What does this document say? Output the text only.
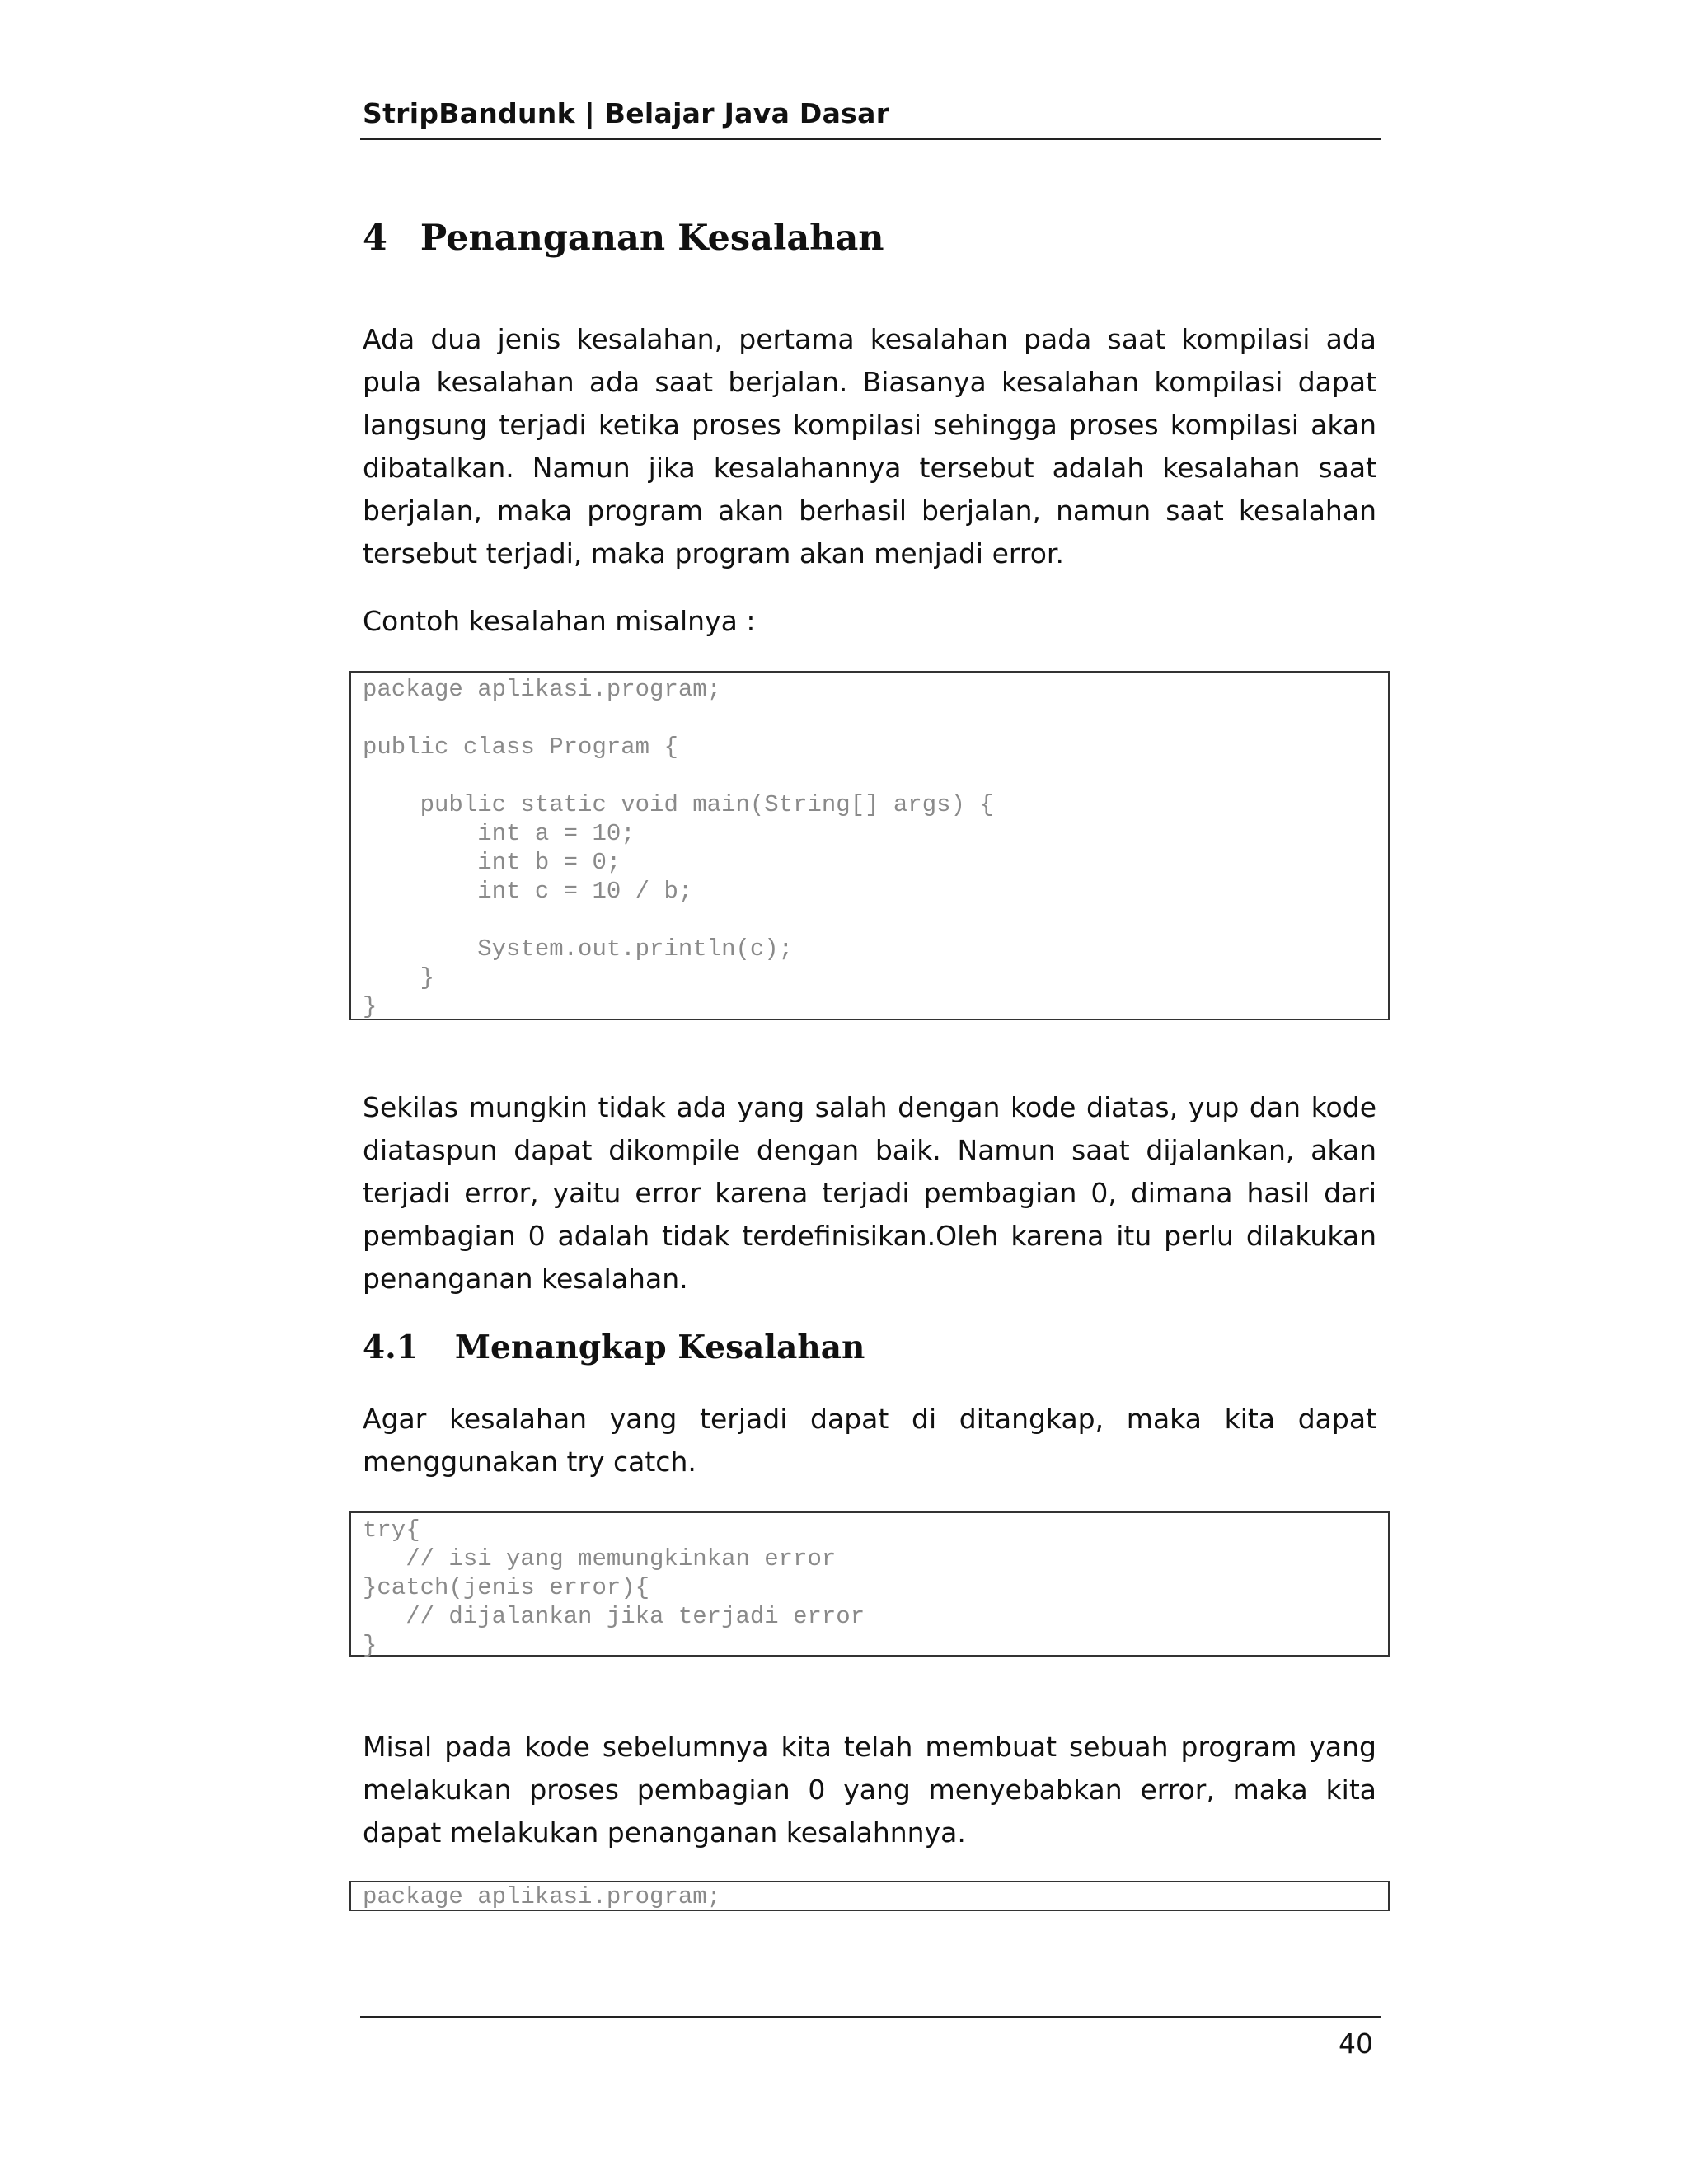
StripBandunk | Belajar Java Dasar
4 Penanganan Kesalahan

Ada dua jenis kesalahan, pertama kesalahan pada saat kompilasi ada pula kesalahan ada saat berjalan. Biasanya kesalahan kompilasi dapat langsung terjadi ketika proses kompilasi sehingga proses kompilasi akan dibatalkan. Namun jika kesalahannya tersebut adalah kesalahan saat berjalan, maka program akan berhasil berjalan, namun saat kesalahan tersebut terjadi, maka program akan menjadi error.

Contoh kesalahan misalnya :

package aplikasi.program;

public class Program {

public static void main(String[] args) {
int a = 10;
int b = 0;
int c = 10 / b;

System.out.println(c);
}
}

Sekilas mungkin tidak ada yang salah dengan kode diatas, yup dan kode diataspun dapat dikompile dengan baik. Namun saat dijalankan, akan terjadi error, yaitu error karena terjadi pembagian 0, dimana hasil dari pembagian 0 adalah tidak terdefinisikan.Oleh karena itu perlu dilakukan penanganan kesalahan.

4.1 Menangkap Kesalahan

Agar kesalahan yang terjadi dapat di ditangkap, maka kita dapat menggunakan try catch.

try{
// isi yang memungkinkan error
}catch(jenis error){
// dijalankan jika terjadi error
}

Misal pada kode sebelumnya kita telah membuat sebuah program yang melakukan proses pembagian 0 yang menyebabkan error, maka kita dapat melakukan penanganan kesalahnnya.

package aplikasi.program;
40
